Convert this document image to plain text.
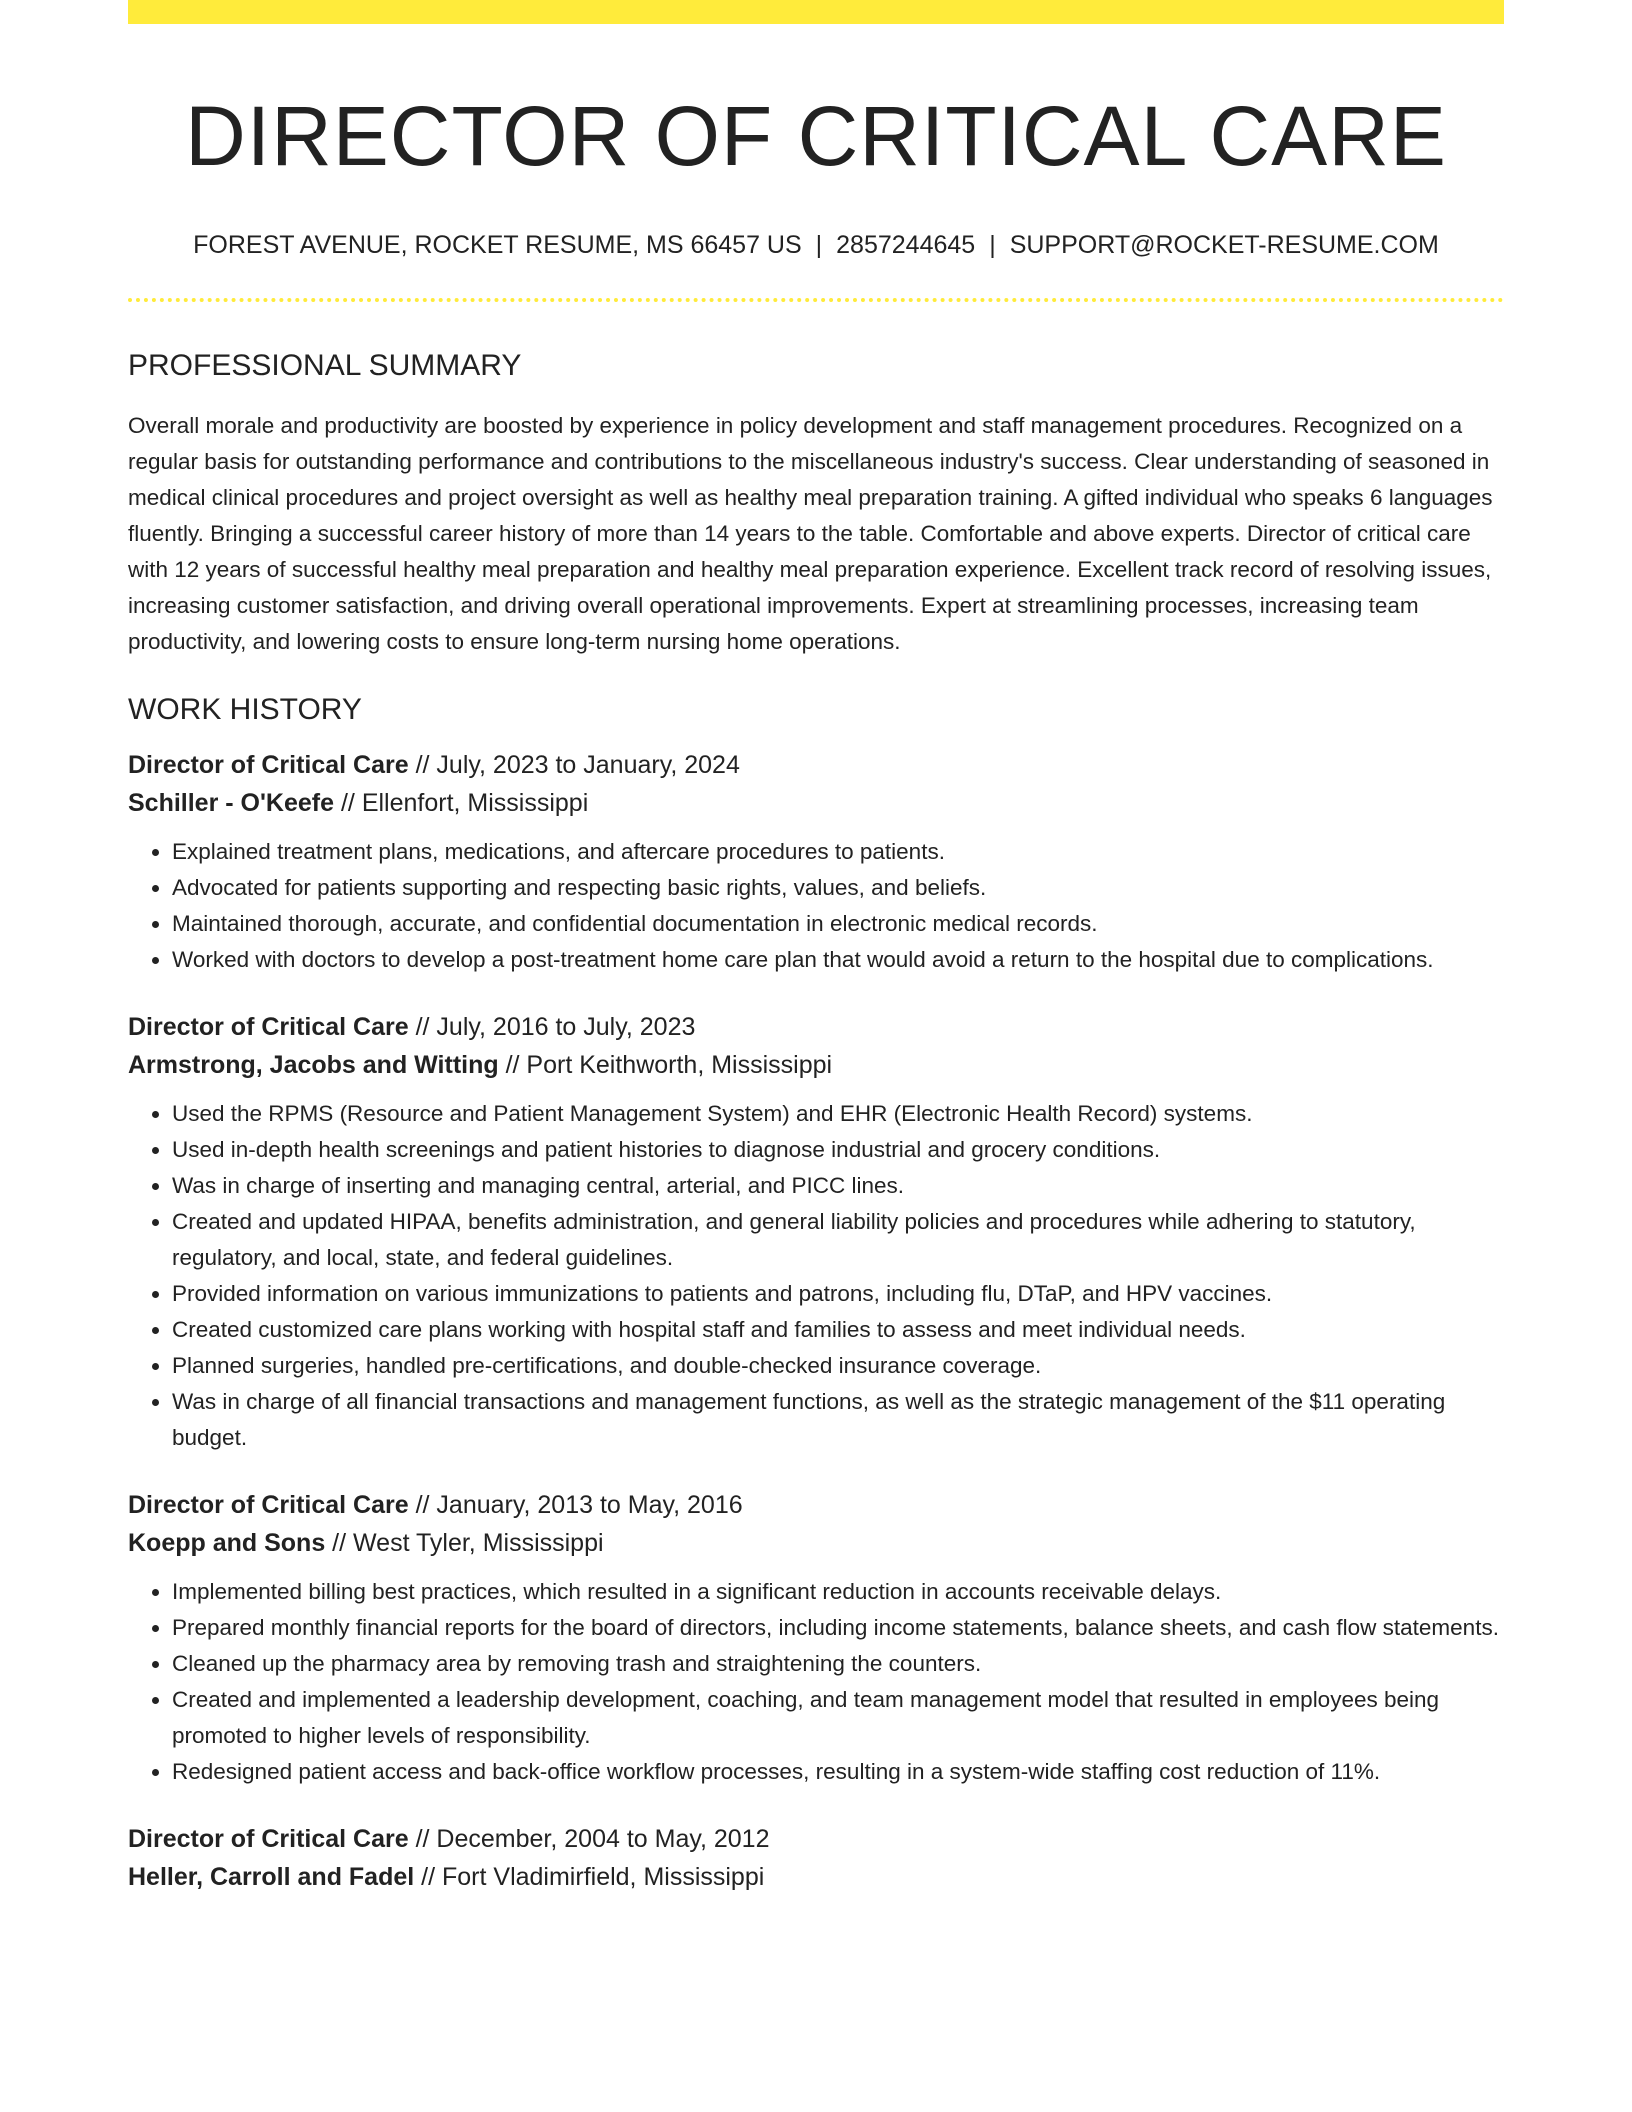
DIRECTOR OF CRITICAL CARE
FOREST AVENUE, ROCKET RESUME, MS 66457 US | 2857244645 | SUPPORT@ROCKET-RESUME.COM
PROFESSIONAL SUMMARY

Overall morale and productivity are boosted by experience in policy development and staff management procedures. Recognized on a regular basis for outstanding performance and contributions to the miscellaneous industry's success. Clear understanding of seasoned in medical clinical procedures and project oversight as well as healthy meal preparation training. A gifted individual who speaks 6 languages fluently. Bringing a successful career history of more than 14 years to the table. Comfortable and above experts. Director of critical care with 12 years of successful healthy meal preparation and healthy meal preparation experience. Excellent track record of resolving issues, increasing customer satisfaction, and driving overall operational improvements. Expert at streamlining processes, increasing team productivity, and lowering costs to ensure long-term nursing home operations.

WORK HISTORY
Director of Critical Care // July, 2023 to January, 2024
Schiller - O'Keefe // Ellenfort, Mississippi
• Explained treatment plans, medications, and aftercare procedures to patients.
• Advocated for patients supporting and respecting basic rights, values, and beliefs.
• Maintained thorough, accurate, and confidential documentation in electronic medical records.
• Worked with doctors to develop a post-treatment home care plan that would avoid a return to the hospital due to complications.
Director of Critical Care // July, 2016 to July, 2023
Armstrong, Jacobs and Witting // Port Keithworth, Mississippi
• Used the RPMS (Resource and Patient Management System) and EHR (Electronic Health Record) systems.
• Used in-depth health screenings and patient histories to diagnose industrial and grocery conditions.
• Was in charge of inserting and managing central, arterial, and PICC lines.
• Created and updated HIPAA, benefits administration, and general liability policies and procedures while adhering to statutory, regulatory, and local, state, and federal guidelines.
• Provided information on various immunizations to patients and patrons, including flu, DTaP, and HPV vaccines.
• Created customized care plans working with hospital staff and families to assess and meet individual needs.
• Planned surgeries, handled pre-certifications, and double-checked insurance coverage.
• Was in charge of all financial transactions and management functions, as well as the strategic management of the $11 operating budget.
Director of Critical Care // January, 2013 to May, 2016
Koepp and Sons // West Tyler, Mississippi
• Implemented billing best practices, which resulted in a significant reduction in accounts receivable delays.
• Prepared monthly financial reports for the board of directors, including income statements, balance sheets, and cash flow statements.
• Cleaned up the pharmacy area by removing trash and straightening the counters.
• Created and implemented a leadership development, coaching, and team management model that resulted in employees being promoted to higher levels of responsibility.
• Redesigned patient access and back-office workflow processes, resulting in a system-wide staffing cost reduction of 11%.
Director of Critical Care // December, 2004 to May, 2012
Heller, Carroll and Fadel // Fort Vladimirfield, Mississippi
